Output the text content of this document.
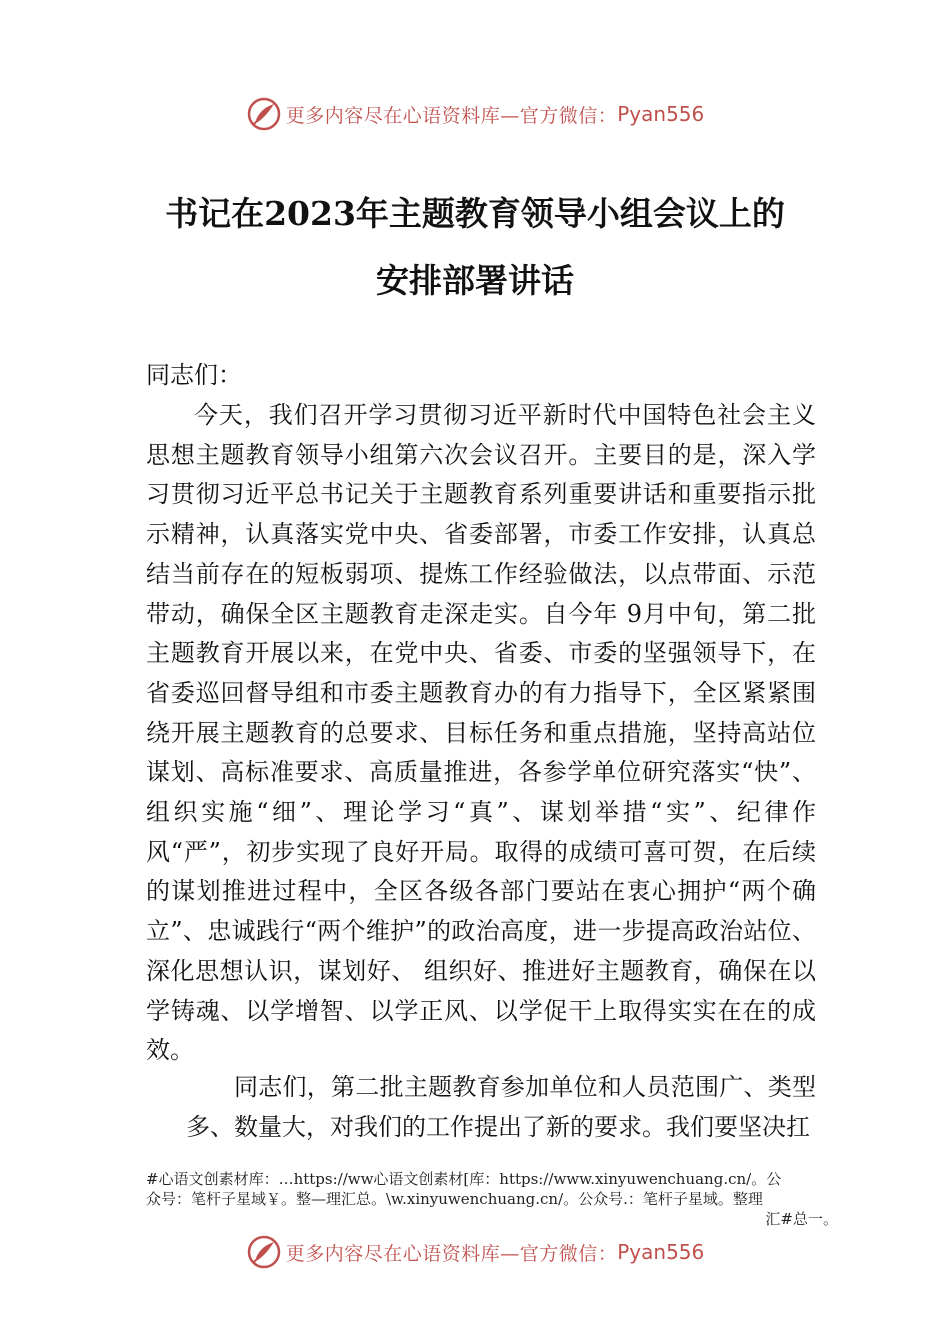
更多内容尽在心语资料库—官方微信： Pyan556
书记在2023年主题教育领导小组会议上的
安排部署讲话
同志们：

今天，我们召开学习贯彻习近平新时代中国特色社会主义思想主题教育领导小组第六次会议召开。主要目的是，深入学习贯彻习近平总书记关于主题教育系列重要讲话和重要指示批示精神，认真落实党中央、省委部署，市委工作安排，认真总结当前存在的短板弱项、提炼工作经验做法，以点带面、示范带动，确保全区主题教育走深走实。自今年 9月中旬，第二批主题教育开展以来，在党中央、省委、市委的坚强领导下，在省委巡回督导组和市委主题教育办的有力指导下，全区紧紧围绕开展主题教育的总要求、目标任务和重点措施，坚持高站位谋划、高标准要求、高质量推进，各参学单位研究落实“快”、组织实施“细”、理论学习“真”、谋划举措“实”、纪律作风“严”，初步实现了良好开局。取得的成绩可喜可贺，在后续的谋划推进过程中，全区各级各部门要站在衷心拥护“两个确立”、忠诚践行“两个维护”的政治高度，进一步提高政治站位、深化思想认识，谋划好、 组织好、推进好主题教育，确保在以学铸魂、以学增智、以学正风、以学促干上取得实实在在的成效。

同志们，第二批主题教育参加单位和人员范围广、类型多、数量大，对我们的工作提出了新的要求。我们要坚决扛

#心语文创素材库：…https://ww心语文创素材[库：https://www.xinyuwenchuang.cn/。公
众号：笔杆子星域￥。整—理汇总。\w.xinyuwenchuang.cn/。公众号.：笔杆子星域。整理
汇#总一。
更多内容尽在心语资料库—官方微信： Pyan556
